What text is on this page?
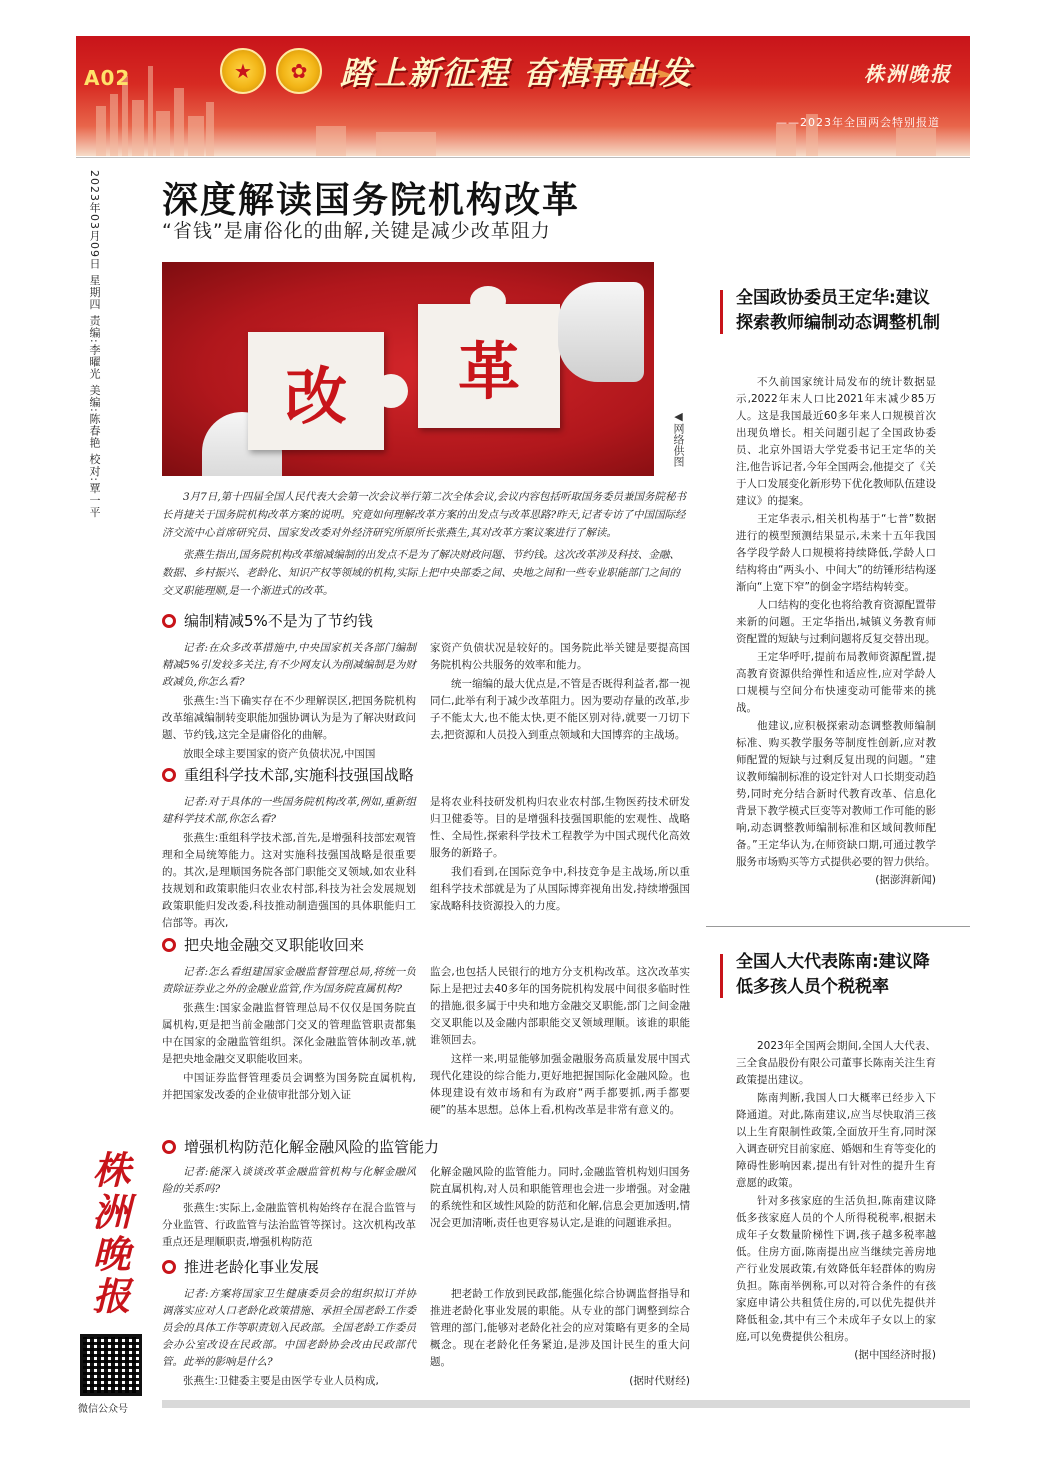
A02	★	✿	踏上新征程 奋楫再出发	株洲晚报
——2023年全国两会特别报道
2023年03月09日 星期四 责编:李曜光 美编:陈春艳 校对:覃一平 深度解读国务院机构改革
“省钱”是庸俗化的曲解,关键是减少改革阻力
改 革
◀网络供图

3月7日,第十四届全国人民代表大会第一次会议举行第二次全体会议,会议内容包括听取国务委员兼国务院秘书长肖捷关于国务院机构改革方案的说明。究竟如何理解改革方案的出发点与改革思路?昨天,记者专访了中国国际经济交流中心首席研究员、国家发改委对外经济研究所原所长张燕生,其对改革方案议案进行了解读。

张燕生指出,国务院机构改革缩减编制的出发点不是为了解决财政问题、节约钱。这次改革涉及科技、金融、数据、乡村振兴、老龄化、知识产权等领域的机构,实际上把中央部委之间、央地之间和一些专业职能部门之间的交叉职能理顺,是一个渐进式的改革。

编制精减5%不是为了节约钱

记者:在众多改革措施中,中央国家机关各部门编制精减5%引发较多关注,有不少网友认为削减编制是为财政减负,你怎么看?

张燕生:当下确实存在不少理解误区,把国务院机构改革缩减编制转变职能加强协调认为是为了解决财政问题、节约钱,这完全是庸俗化的曲解。

放眼全球主要国家的资产负债状况,中国国

家资产负债状况是较好的。国务院此举关键是要提高国务院机构公共服务的效率和能力。

统一缩编的最大优点是,不管是否既得利益者,都一视同仁,此举有利于减少改革阻力。因为要动存量的改革,步子不能太大,也不能太快,更不能区别对待,就要一刀切下去,把资源和人员投入到重点领域和大国博弈的主战场。

重组科学技术部,实施科技强国战略

记者:对于具体的一些国务院机构改革,例如,重新组建科学技术部,你怎么看?

张燕生:重组科学技术部,首先,是增强科技部宏观管理和全局统筹能力。这对实施科技强国战略是很重要的。其次,是理顺国务院各部门职能交叉领域,如农业科技规划和政策职能归农业农村部,科技为社会发展规划政策职能归发改委,科技推动制造强国的具体职能归工信部等。再次,

是将农业科技研发机构归农业农村部,生物医药技术研发归卫健委等。目的是增强科技强国职能的宏观性、战略性、全局性,探索科学技术工程教学为中国式现代化高效服务的新路子。

我们看到,在国际竞争中,科技竞争是主战场,所以重组科学技术部就是为了从国际博弈视角出发,持续增强国家战略科技资源投入的力度。

把央地金融交叉职能收回来

记者:怎么看组建国家金融监督管理总局,将统一负责除证券业之外的金融业监管,作为国务院直属机构?

张燕生:国家金融监督管理总局不仅仅是国务院直属机构,更是把当前金融部门交叉的管理监管职责都集中在国家的金融监管组织。深化金融监管体制改革,就是把央地金融交叉职能收回来。

中国证券监督管理委员会调整为国务院直属机构,并把国家发改委的企业债审批部分划入证

监会,也包括人民银行的地方分支机构改革。这次改革实际上是把过去40多年的国务院机构发展中间很多临时性的措施,很多属于中央和地方金融交叉职能,部门之间金融交叉职能以及金融内部职能交叉领域理顺。该谁的职能谁领回去。

这样一来,明显能够加强金融服务高质量发展中国式现代化建设的综合能力,更好地把握国际化金融风险。也体现建设有效市场和有为政府“两手都要抓,两手都要硬”的基本思想。总体上看,机构改革是非常有意义的。

增强机构防范化解金融风险的监管能力

记者:能深入谈谈改革金融监管机构与化解金融风险的关系吗?

张燕生:实际上,金融监管机构始终存在混合监管与分业监管、行政监管与法治监管等探讨。这次机构改革重点还是理顺职责,增强机构防范

化解金融风险的监管能力。同时,金融监管机构划归国务院直属机构,对人员和职能管理也会进一步增强。对金融的系统性和区域性风险的防范和化解,信息会更加透明,情况会更加清晰,责任也更容易认定,是谁的问题谁承担。

推进老龄化事业发展

记者:方案将国家卫生健康委员会的组织拟订并协调落实应对人口老龄化政策措施、承担全国老龄工作委员会的具体工作等职责划入民政部。全国老龄工作委员会办公室改设在民政部。中国老龄协会改由民政部代管。此举的影响是什么?

张燕生:卫健委主要是由医学专业人员构成,

把老龄工作放到民政部,能强化综合协调监督指导和推进老龄化事业发展的职能。从专业的部门调整到综合管理的部门,能够对老龄化社会的应对策略有更多的全局概念。现在老龄化任务紧迫,是涉及国计民生的重大问题。

(据时代财经)

全国政协委员王定华:建议探索教师编制动态调整机制

不久前国家统计局发布的统计数据显示,2022年末人口比2021年末减少85万人。这是我国最近60多年来人口规模首次出现负增长。相关问题引起了全国政协委员、北京外国语大学党委书记王定华的关注,他告诉记者,今年全国两会,他提交了《关于人口发展变化新形势下优化教师队伍建设建议》的提案。

王定华表示,相关机构基于“七普”数据进行的模型预测结果显示,未来十五年我国各学段学龄人口规模将持续降低,学龄人口结构将由“两头小、中间大”的纺锤形结构逐渐向“上宽下窄”的倒金字塔结构转变。

人口结构的变化也将给教育资源配置带来新的问题。王定华指出,城镇义务教育师资配置的短缺与过剩问题将反复交替出现。

王定华呼吁,提前布局教师资源配置,提高教育资源供给弹性和适应性,应对学龄人口规模与空间分布快速变动可能带来的挑战。

他建议,应积极探索动态调整教师编制标准、购买教学服务等制度性创新,应对教师配置的短缺与过剩反复出现的问题。“建议教师编制标准的设定针对人口长期变动趋势,同时充分结合新时代教育改革、信息化背景下教学模式巨变等对教师工作可能的影响,动态调整教师编制标准和区域间教师配备。”王定华认为,在师资缺口期,可通过教学服务市场购买等方式提供必要的智力供给。

(据澎湃新闻)

全国人大代表陈南:建议降低多孩人员个税税率

2023年全国两会期间,全国人大代表、三全食品股份有限公司董事长陈南关注生育政策提出建议。

陈南判断,我国人口大概率已经步入下降通道。对此,陈南建议,应当尽快取消三孩以上生育限制性政策,全面放开生育,同时深入调查研究目前家庭、婚姻和生育等变化的障碍性影响因素,提出有针对性的提升生育意愿的政策。

针对多孩家庭的生活负担,陈南建议降低多孩家庭人员的个人所得税税率,根据未成年子女数量阶梯性下调,孩子越多税率越低。住房方面,陈南提出应当继续完善房地产行业发展政策,有效降低年轻群体的购房负担。陈南举例称,可以对符合条件的有孩家庭申请公共租赁住房的,可以优先提供并降低租金,其中有三个未成年子女以上的家庭,可以免费提供公租房。

(据中国经济时报)

株洲晚报
微信公众号
